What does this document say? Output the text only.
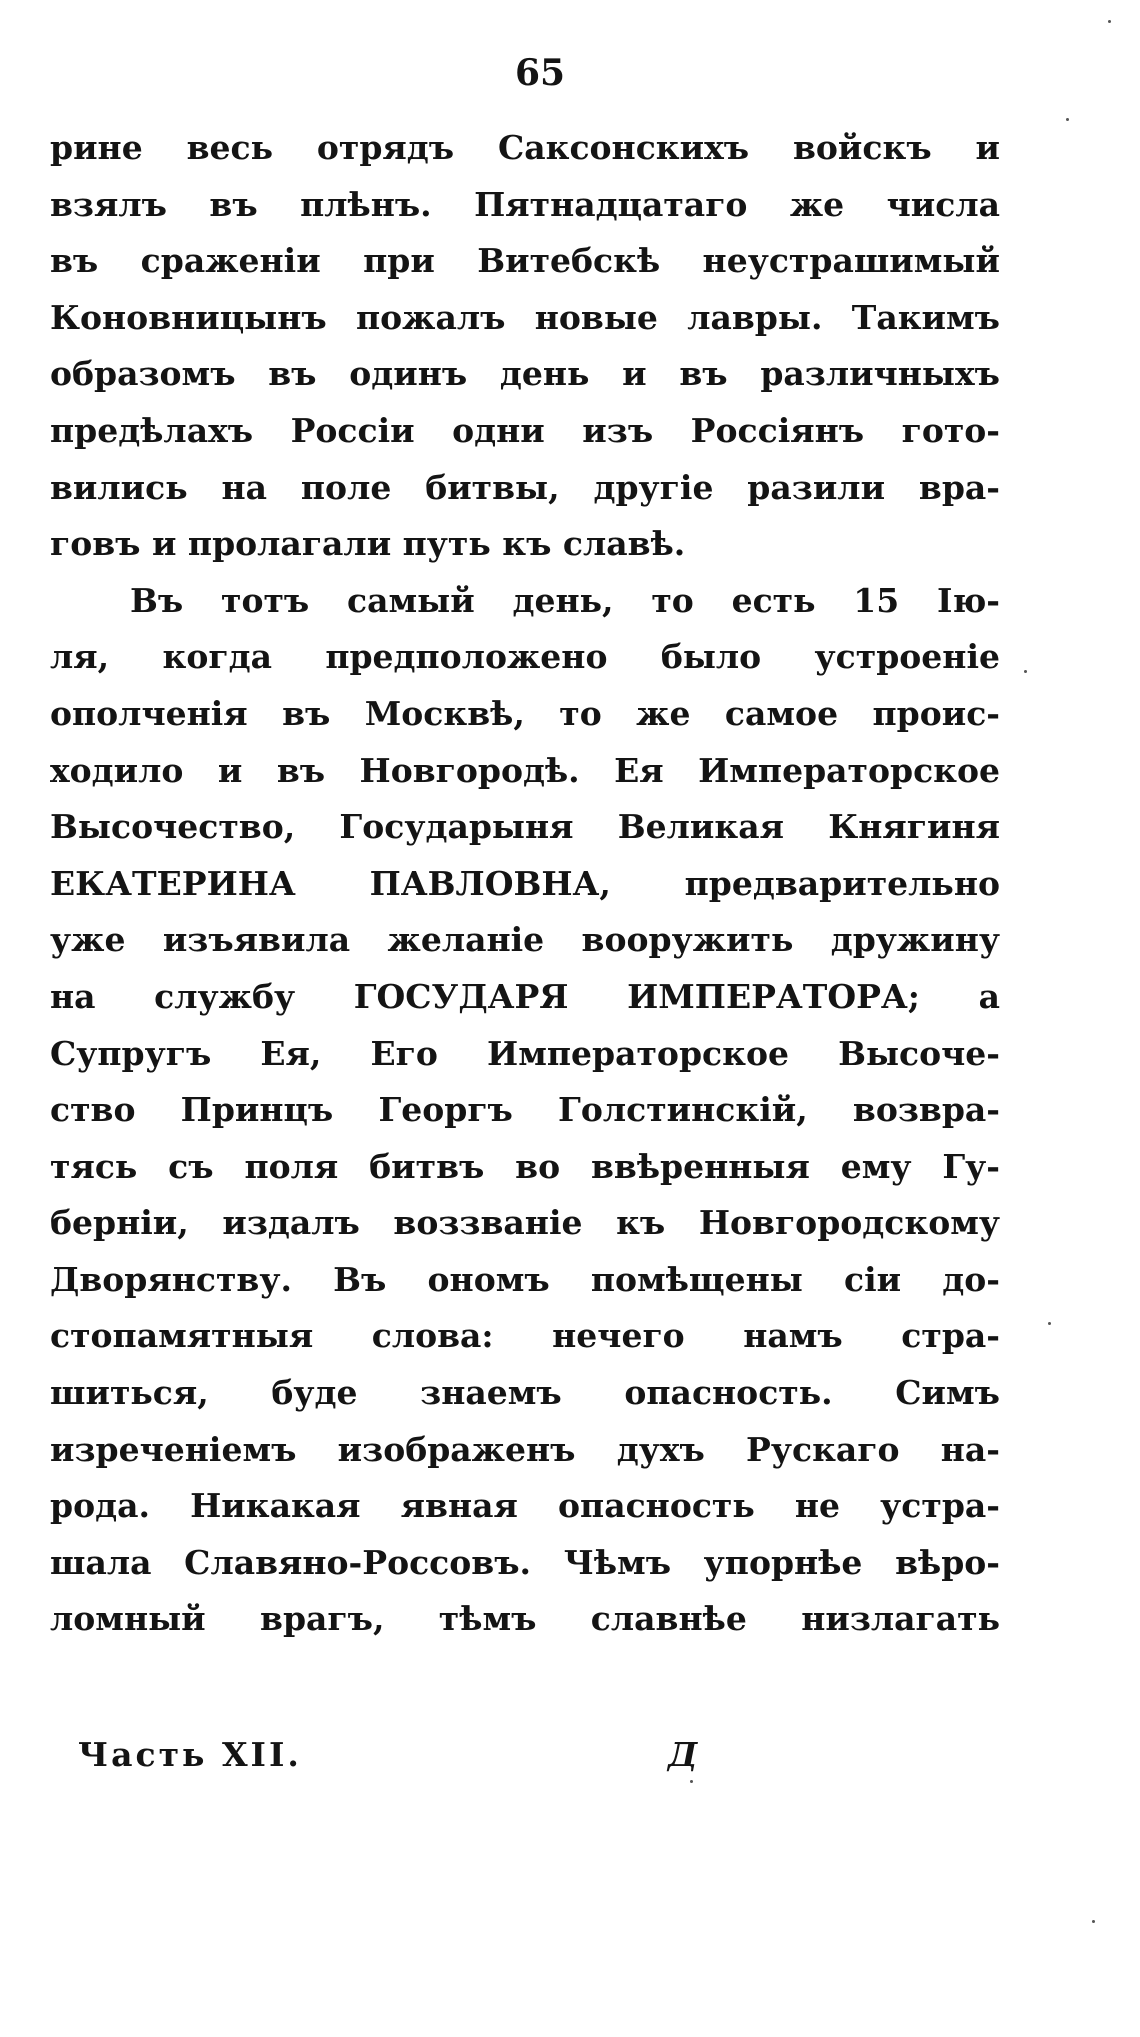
65
рине весь отрядъ Саксонскихъ войскъ и
взялъ въ плѣнъ. Пятнадцатаго же числа
въ сраженіи при Витебскѣ неустрашимый
Коновницынъ пожалъ новые лавры. Такимъ
образомъ въ одинъ день и въ различныхъ
предѣлахъ Россіи одни изъ Россіянъ гото-
вились на поле битвы, другіе разили вра-
говъ и пролагали путь къ славѣ.
Въ тотъ самый день, то есть 15 Ію-
ля, когда предположено было устроеніе
ополченія въ Москвѣ, то же самое проис-
ходило и въ Новгородѣ. Ея Императорское
Высочество, Государыня Великая Княгиня
ЕКАТЕРИНА ПАВЛОВНА, предварительно
уже изъявила желаніе вооружить дружину
на службу ГОСУДАРЯ ИМПЕРАТОРА; а
Супругъ Ея, Его Императорское Высоче-
ство Принцъ Георгъ Голстинскій, возвра-
тясь съ поля битвъ во ввѣренныя ему Гу-
берніи, издалъ воззваніе къ Новгородскому
Дворянству. Въ ономъ помѣщены сіи до-
стопамятныя слова: нечего намъ стра-
шиться, буде знаемъ опасность. Симъ
изреченіемъ изображенъ духъ Рускаго на-
рода. Никакая явная опасность не устра-
шала Славяно-Россовъ. Чѣмъ упорнѣе вѣро-
ломный врагъ, тѣмъ славнѣе низлагать
Часть XII.	Д
